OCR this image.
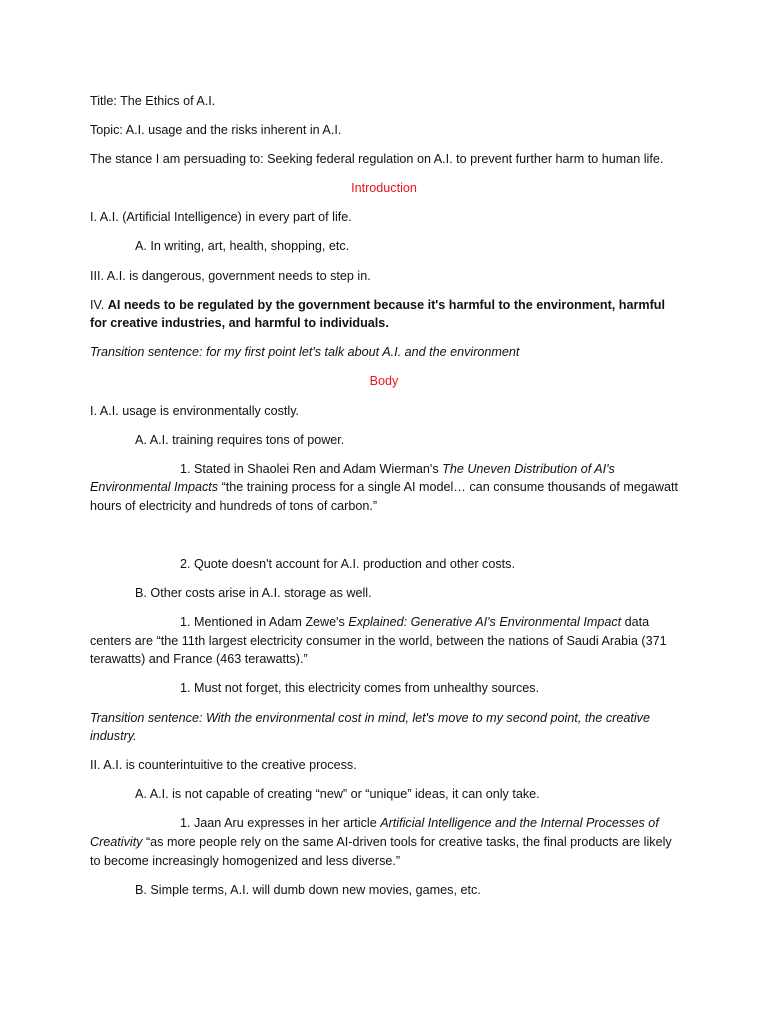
Title: The Ethics of A.I.

Topic: A.I. usage and the risks inherent in A.I.

The stance I am persuading to: Seeking federal regulation on A.I. to prevent further harm to human life.

Introduction

I. A.I. (Artificial Intelligence) in every part of life.

A. In writing, art, health, shopping, etc.

III. A.I. is dangerous, government needs to step in.

IV. AI needs to be regulated by the government because it's harmful to the environment, harmful for creative industries, and harmful to individuals.

Transition sentence: for my first point let's talk about A.I. and the environment

Body

I. A.I. usage is environmentally costly.

A. A.I. training requires tons of power.

1. Stated in Shaolei Ren and Adam Wierman's The Uneven Distribution of AI's Environmental Impacts “the training process for a single AI model… can consume thousands of megawatt hours of electricity and hundreds of tons of carbon.”

2. Quote doesn't account for A.I. production and other costs.

B. Other costs arise in A.I. storage as well.

1. Mentioned in Adam Zewe's Explained: Generative AI's Environmental Impact data centers are “the 11th largest electricity consumer in the world, between the nations of Saudi Arabia (371 terawatts) and France (463 terawatts).”

1. Must not forget, this electricity comes from unhealthy sources.

Transition sentence: With the environmental cost in mind, let's move to my second point, the creative industry.

II. A.I. is counterintuitive to the creative process.

A. A.I. is not capable of creating “new” or “unique” ideas, it can only take.

1. Jaan Aru expresses in her article Artificial Intelligence and the Internal Processes of Creativity “as more people rely on the same AI-driven tools for creative tasks, the final products are likely to become increasingly homogenized and less diverse.”

B. Simple terms, A.I. will dumb down new movies, games, etc.
